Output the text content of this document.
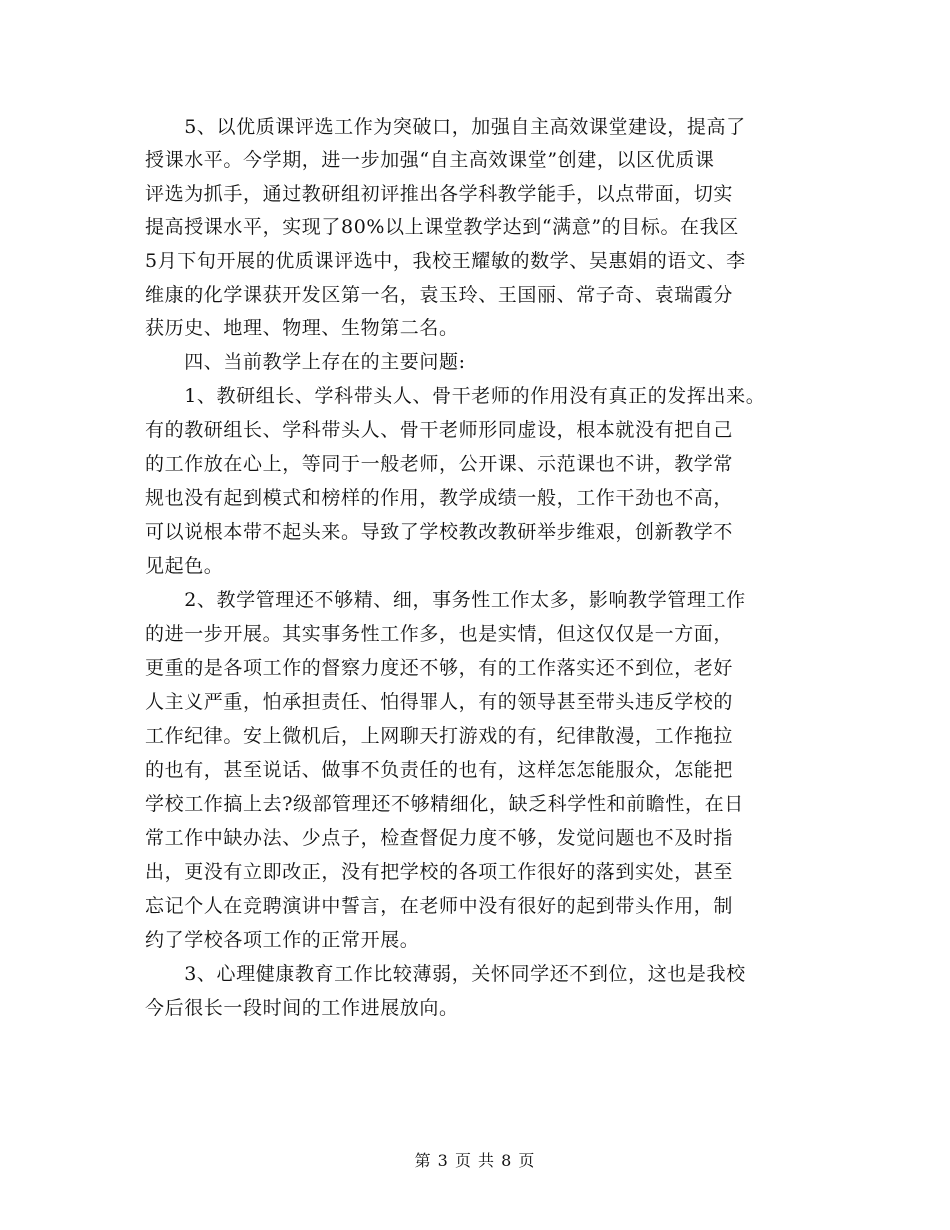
　　5、以优质课评选工作为突破口，加强自主高效课堂建设，提高了
授课水平。今学期，进一步加强“自主高效课堂”创建，以区优质课
评选为抓手，通过教研组初评推出各学科教学能手，以点带面，切实
提高授课水平，实现了80%以上课堂教学达到“满意”的目标。在我区
5月下旬开展的优质课评选中，我校王耀敏的数学、吴惠娟的语文、李
维康的化学课获开发区第一名，袁玉玲、王国丽、常子奇、袁瑞霞分
获历史、地理、物理、生物第二名。
　　四、当前教学上存在的主要问题:
　　1、教研组长、学科带头人、骨干老师的作用没有真正的发挥出来。
有的教研组长、学科带头人、骨干老师形同虚设，根本就没有把自己
的工作放在心上，等同于一般老师，公开课、示范课也不讲，教学常
规也没有起到模式和榜样的作用，教学成绩一般，工作干劲也不高，
可以说根本带不起头来。导致了学校教改教研举步维艰，创新教学不
见起色。
　　2、教学管理还不够精、细，事务性工作太多，影响教学管理工作
的进一步开展。其实事务性工作多，也是实情，但这仅仅是一方面，
更重的是各项工作的督察力度还不够，有的工作落实还不到位，老好
人主义严重，怕承担责任、怕得罪人，有的领导甚至带头违反学校的
工作纪律。安上微机后，上网聊天打游戏的有，纪律散漫，工作拖拉
的也有，甚至说话、做事不负责任的也有，这样怎怎能服众，怎能把
学校工作搞上去?级部管理还不够精细化，缺乏科学性和前瞻性，在日
常工作中缺办法、少点子，检查督促力度不够，发觉问题也不及时指
出，更没有立即改正，没有把学校的各项工作很好的落到实处，甚至
忘记个人在竞聘演讲中誓言，在老师中没有很好的起到带头作用，制
约了学校各项工作的正常开展。
　　3、心理健康教育工作比较薄弱，关怀同学还不到位，这也是我校
今后很长一段时间的工作进展放向。
第 3 页 共 8 页
